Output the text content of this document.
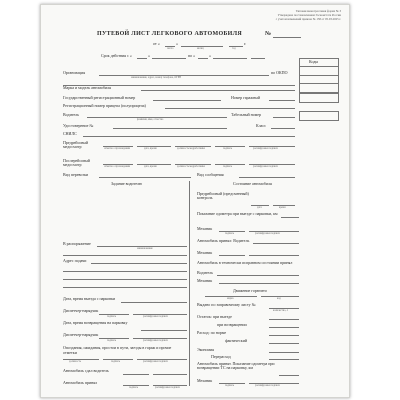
Типовая межотраслевая форма № 3
Утверждена постановлением Госкомстата России
с учетом изменений приказа № 158 от 05.03.2025 г.
ПУТЕВОЙ ЛИСТ ЛЕГКОВОГО АВТОМОБИЛЯ	№
от «	»	г.
число	месяц	год
Срок действия с «	»	по «	»
Коды
Организация	по ОКПО
наименование, адрес, номер телефона, ОГРН
Марка и модель автомобиля
Государственный регистрационный номер	Номер гаражный
Регистрационный номер прицепа (полуприцепа)
Водитель	Табельный номер
фамилия, имя, отчество
Удостоверение №	Класс
СНИЛС
Предрейсовый медосмотр	отметка о прохождении	дата, время	должность медработника	подпись	расшифровка подписи
Послерейсовый медосмотр	отметка о прохождении	дата, время	должность медработника	подпись	расшифровка подписи
Вид перевозки	Вид сообщения
Задание водителю	Состояние автомобиля
В распоряжение
наименование
Адрес подачи
Дата, время выезда с парковки
Диспетчер-нарядчик
подпись	расшифровка подписи
Дата, время возвращения на парковку
Диспетчер-нарядчик
подпись	расшифровка подписи
Опоздания, ожидания, простои в пути, заезды в гараж и прочие отметки
должность	подпись	расшифровка подписи
Автомобиль сдал водитель
Автомобиль принял
подпись	расшифровка подписи
Предрейсовый (предсменный) контроль
дата	время
Показание одометра при выезде с парковки, км
Механик
подпись	расшифровка подписи
Автомобиль принял: Водитель
Механик
Автомобиль в технически исправном состоянии принял
Водитель
Механик
Движение горючего
марка	код
Выдано по заправочному листу №
количество, л
Остаток: при выезде
при возвращении
Расход: по норме
фактический
Экономия
Перерасход
Автомобиль принят. Показание одометра при возвращении ТС на парковку, км
Механик
подпись	расшифровка подписи
